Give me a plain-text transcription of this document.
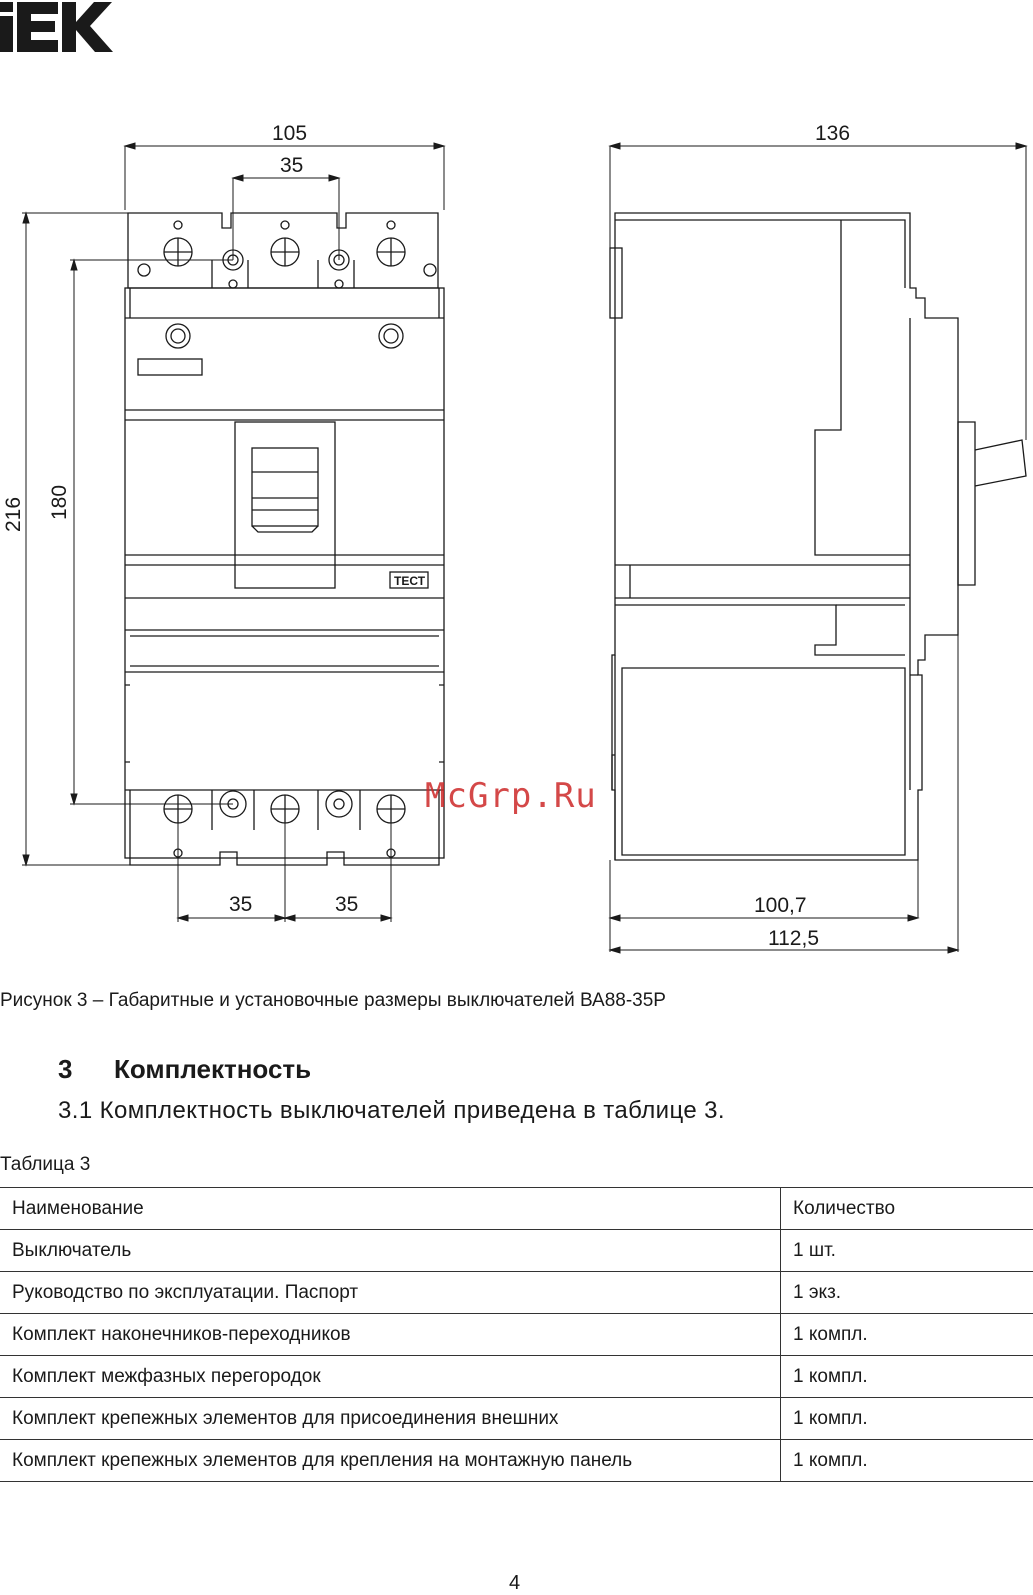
105
35
216 180
35	35
136
100,7
112,5
ТЕСТ
McGrp.Ru
Рисунок 3 – Габаритные и установочные размеры выключателей ВА88-35Р
3 Комплектность
3.1 Комплектность выключателей приведена в таблице 3.
Таблица 3
Наименование	Количество
Выключатель	1 шт.
Руководство по эксплуатации. Паспорт	1 экз.
Комплект наконечников-переходников	1 компл.
Комплект межфазных перегородок	1 компл.
Комплект крепежных элементов для присоединения внешних	1 компл.
Комплект крепежных элементов для крепления на монтажную панель	1 компл.
4
